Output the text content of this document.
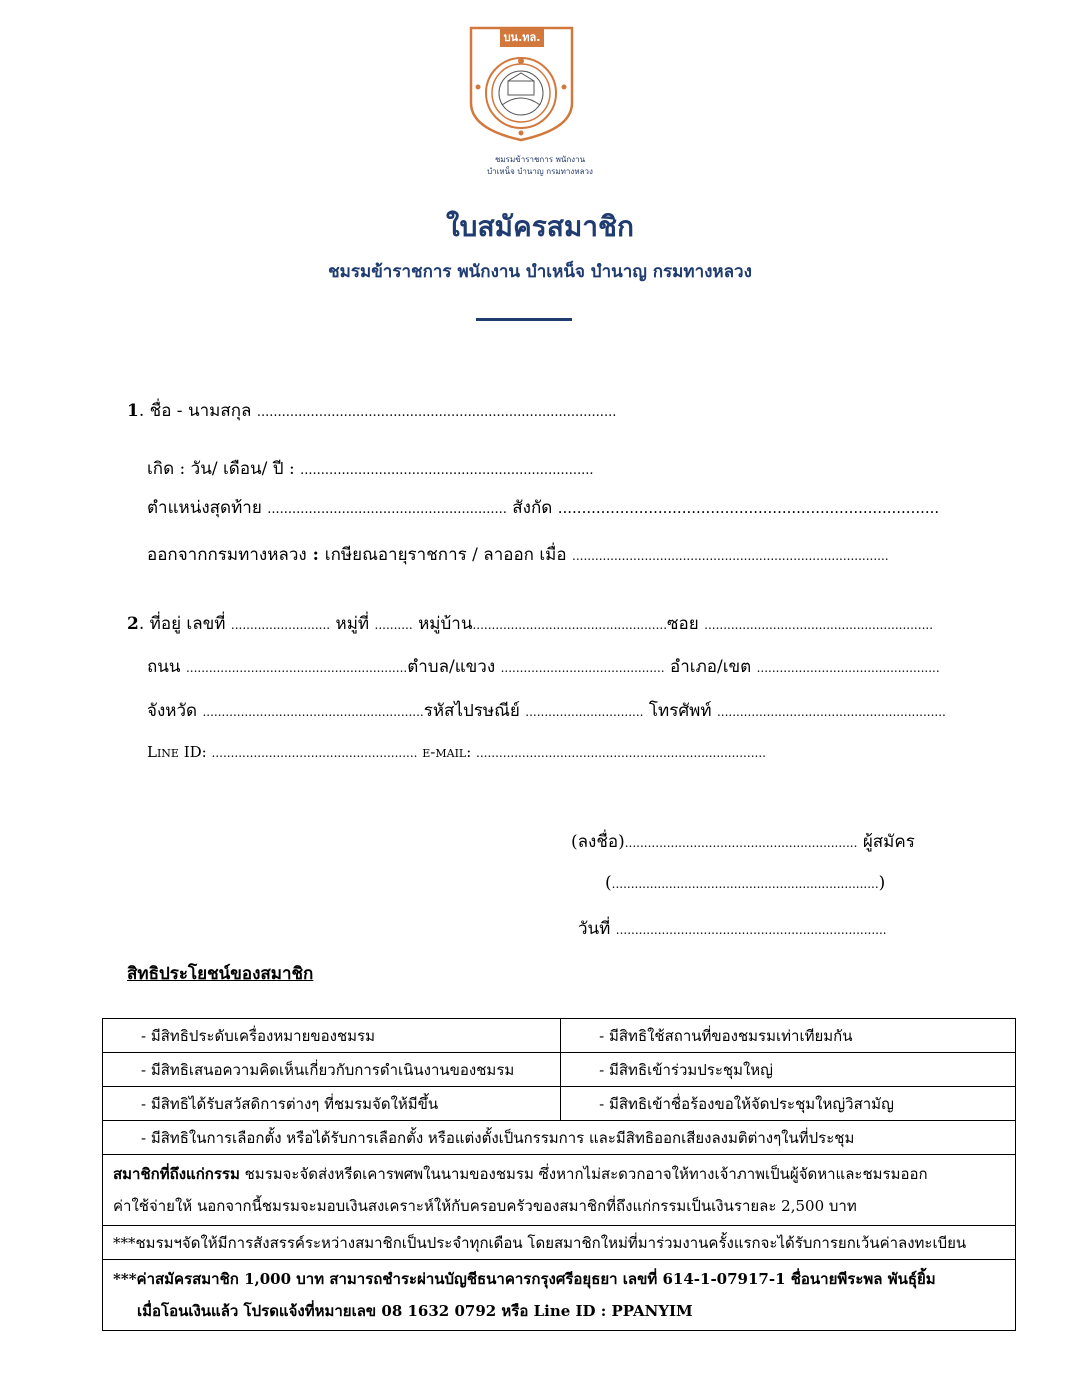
บน.ทล.
ชมรมข้าราชการ พนักงาน
บำเหน็จ บำนาญ กรมทางหลวง
ใบสมัครสมาชิก
ชมรมข้าราชการ พนักงาน บำเหน็จ บำนาญ กรมทางหลวง
1. ชื่อ - นามสกุล .......................................................................................
เกิด : วัน/ เดือน/ ปี : .......................................................................
ตำแหน่งสุดท้าย .......................................................... สังกัด ................................................................................
ออกจากกรมทางหลวง : เกษียณอายุราชการ / ลาออก เมื่อ ...................................................................................
2. ที่อยู่ เลขที่ .......................... หมู่ที่ .......... หมู่บ้าน...................................................ซอย ............................................................
ถนน ..........................................................ตำบล/แขวง ........................................... อำเภอ/เขต ................................................
จังหวัด ..........................................................รหัสไปรษณีย์ ............................... โทรศัพท์ ............................................................
Line ID: ...................................................... e-mail: ............................................................................
(ลงชื่อ)............................................................. ผู้สมัคร
(......................................................................)
วันที่ .......................................................................
สิทธิประโยชน์ของสมาชิก
- มีสิทธิประดับเครื่องหมายของชมรม	- มีสิทธิใช้สถานที่ของชมรมเท่าเทียมกัน
- มีสิทธิเสนอความคิดเห็นเกี่ยวกับการดำเนินงานของชมรม	- มีสิทธิเข้าร่วมประชุมใหญ่
- มีสิทธิได้รับสวัสดิการต่างๆ ที่ชมรมจัดให้มีขึ้น	- มีสิทธิเข้าชื่อร้องขอให้จัดประชุมใหญ่วิสามัญ
- มีสิทธิในการเลือกตั้ง หรือได้รับการเลือกตั้ง หรือแต่งตั้งเป็นกรรมการ และมีสิทธิออกเสียงลงมติต่างๆในที่ประชุม	
สมาชิกที่ถึงแก่กรรม ชมรมจะจัดส่งหรีดเคารพศพในนามของชมรม ซึ่งหากไม่สะดวกอาจให้ทางเจ้าภาพเป็นผู้จัดหาและชมรมออก
ค่าใช้จ่ายให้ นอกจากนี้ชมรมจะมอบเงินสงเคราะห์ให้กับครอบครัวของสมาชิกที่ถึงแก่กรรมเป็นเงินรายละ 2,500 บาท	
***ชมรมฯจัดให้มีการสังสรรค์ระหว่างสมาชิกเป็นประจำทุกเดือน โดยสมาชิกใหม่ที่มาร่วมงานครั้งแรกจะได้รับการยกเว้นค่าลงทะเบียน	
***ค่าสมัครสมาชิก 1,000 บาท สามารถชำระผ่านบัญชีธนาคารกรุงศรีอยุธยา เลขที่ 614-1-07917-1 ชื่อนายพีระพล พันธุ์ยิ้ม
เมื่อโอนเงินแล้ว โปรดแจ้งที่หมายเลข 08 1632 0792 หรือ Line ID : PPANYIM	
